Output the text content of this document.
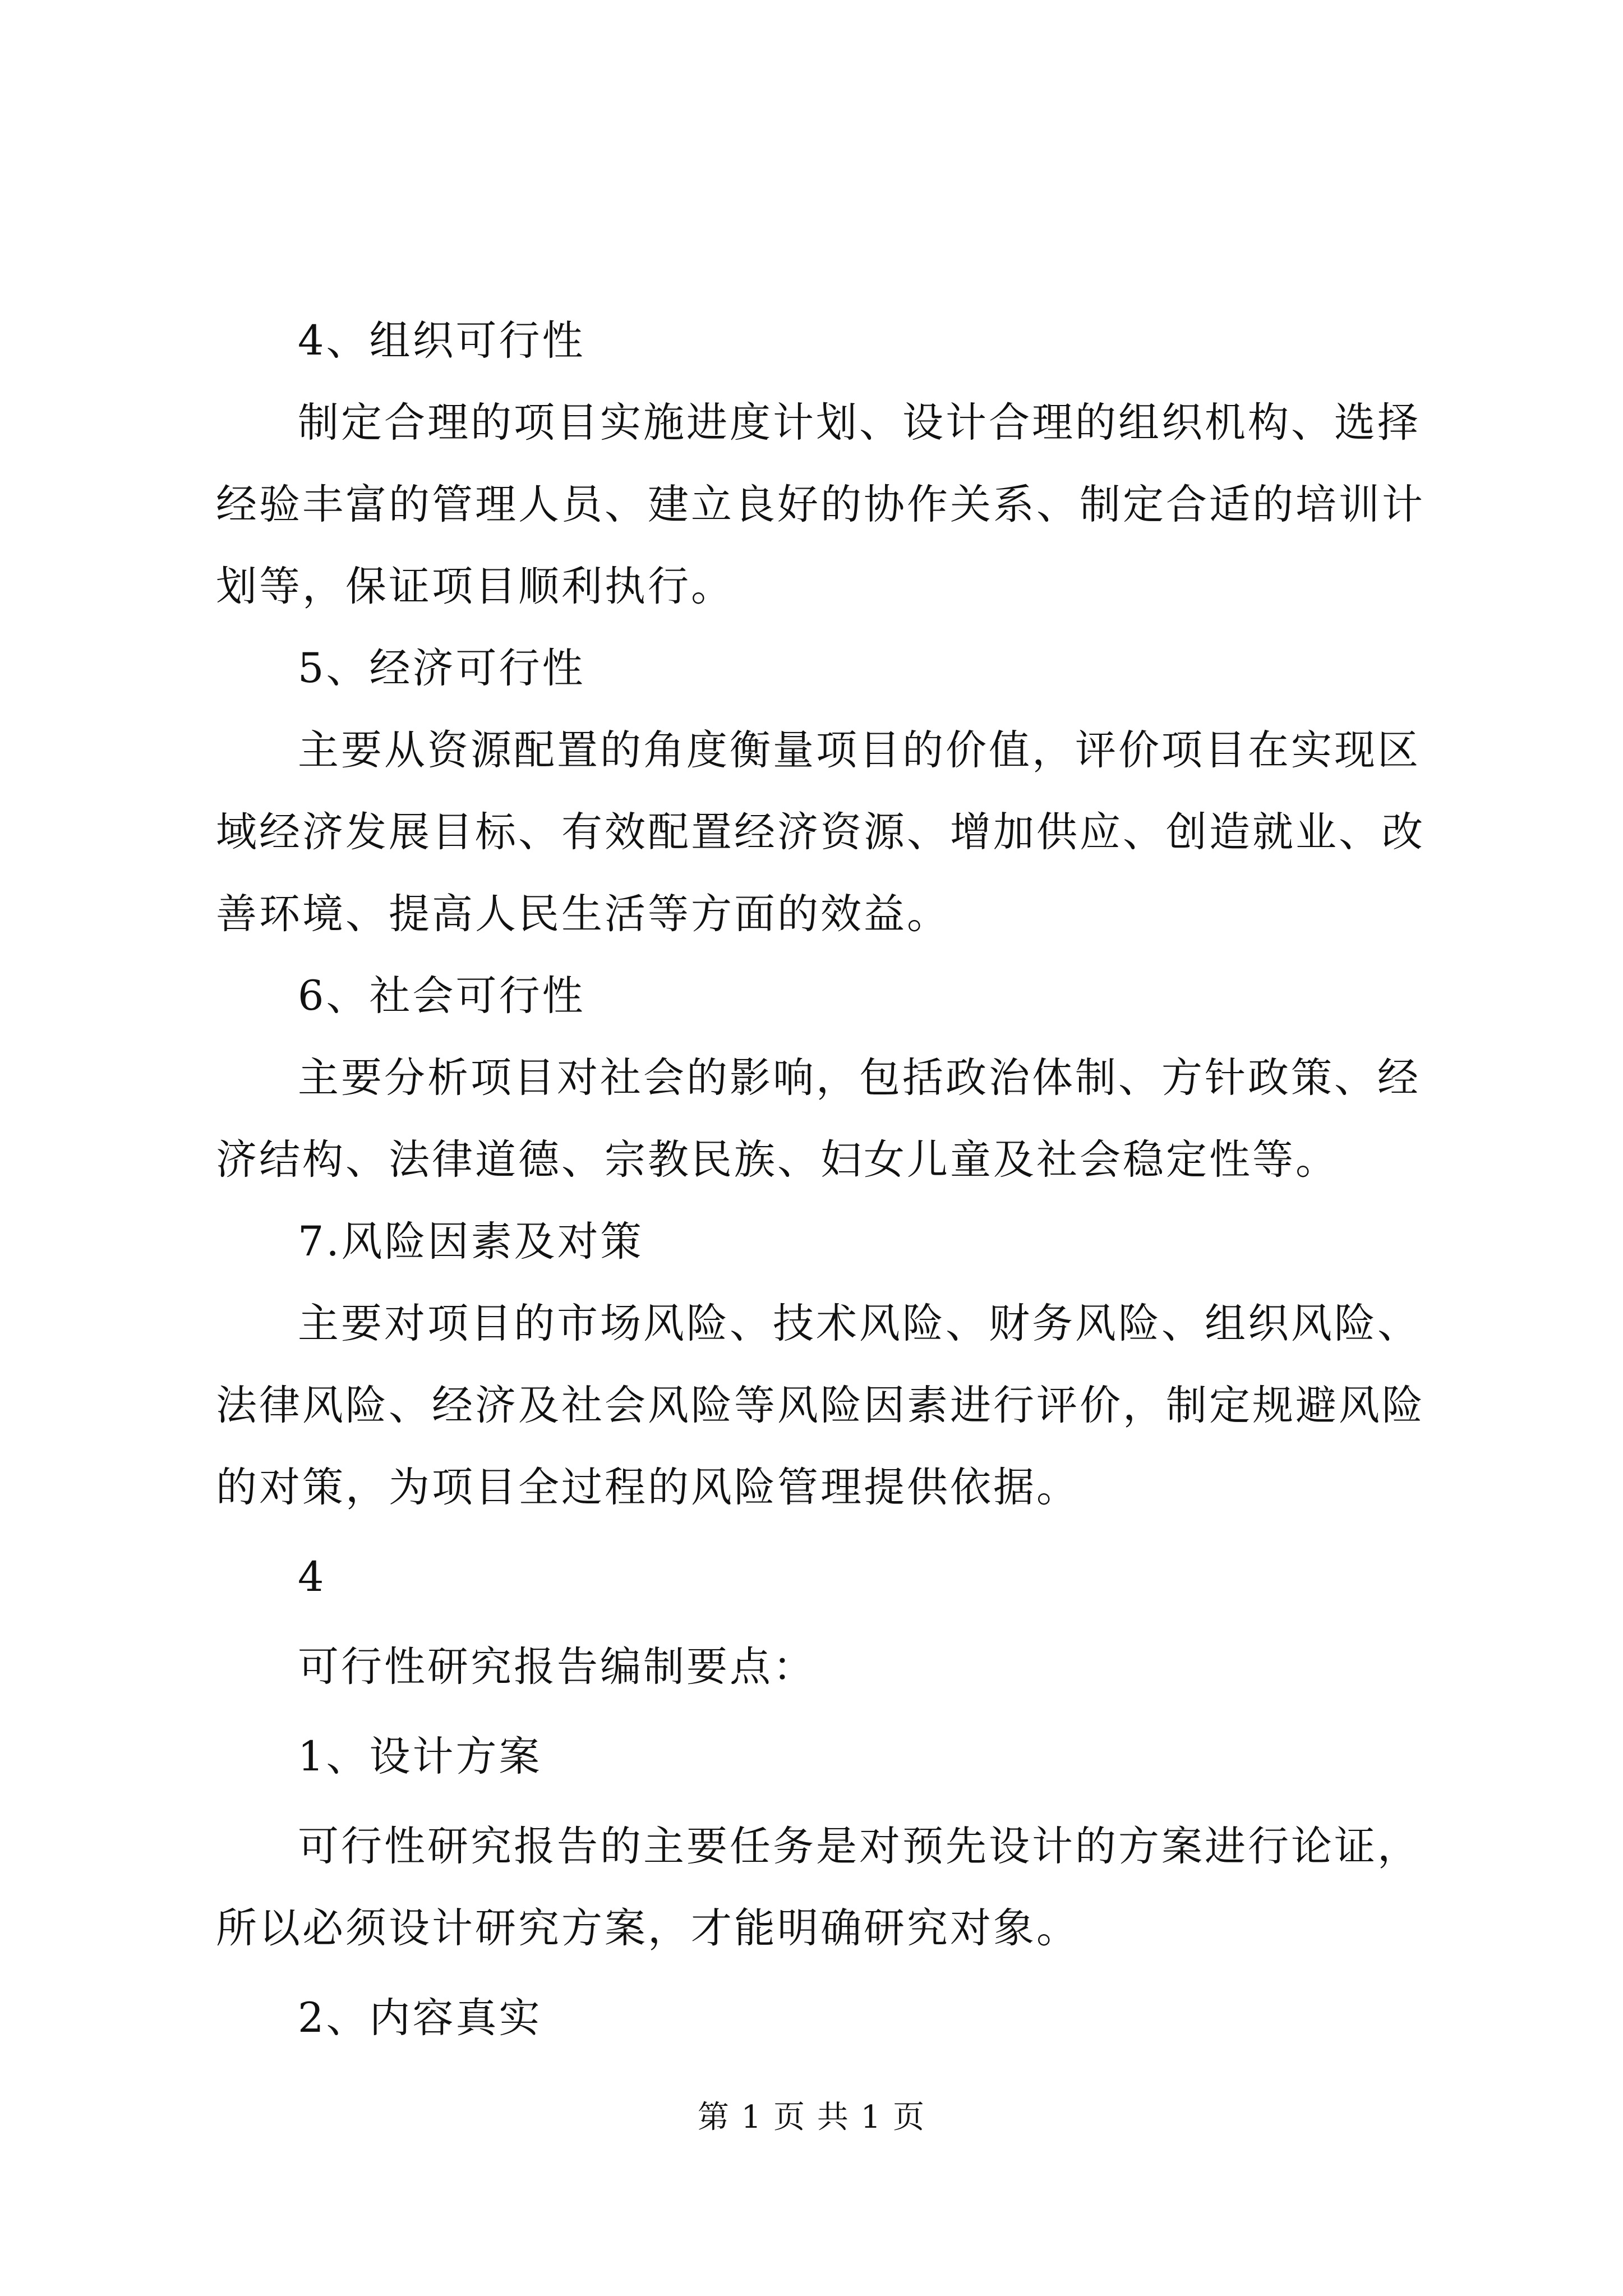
4、组织可行性

制定合理的项目实施进度计划、设计合理的组织机构、选择经验丰富的管理人员、建立良好的协作关系、制定合适的培训计划等，保证项目顺利执行。

5、经济可行性

主要从资源配置的角度衡量项目的价值，评价项目在实现区域经济发展目标、有效配置经济资源、增加供应、创造就业、改善环境、提高人民生活等方面的效益。

6、社会可行性

主要分析项目对社会的影响，包括政治体制、方针政策、经济结构、法律道德、宗教民族、妇女儿童及社会稳定性等。

7.风险因素及对策

主要对项目的市场风险、技术风险、财务风险、组织风险、法律风险、经济及社会风险等风险因素进行评价，制定规避风险的对策，为项目全过程的风险管理提供依据。

4

可行性研究报告编制要点：

1、设计方案

可行性研究报告的主要任务是对预先设计的方案进行论证，所以必须设计研究方案，才能明确研究对象。

2、内容真实

第 1 页 共 1 页
